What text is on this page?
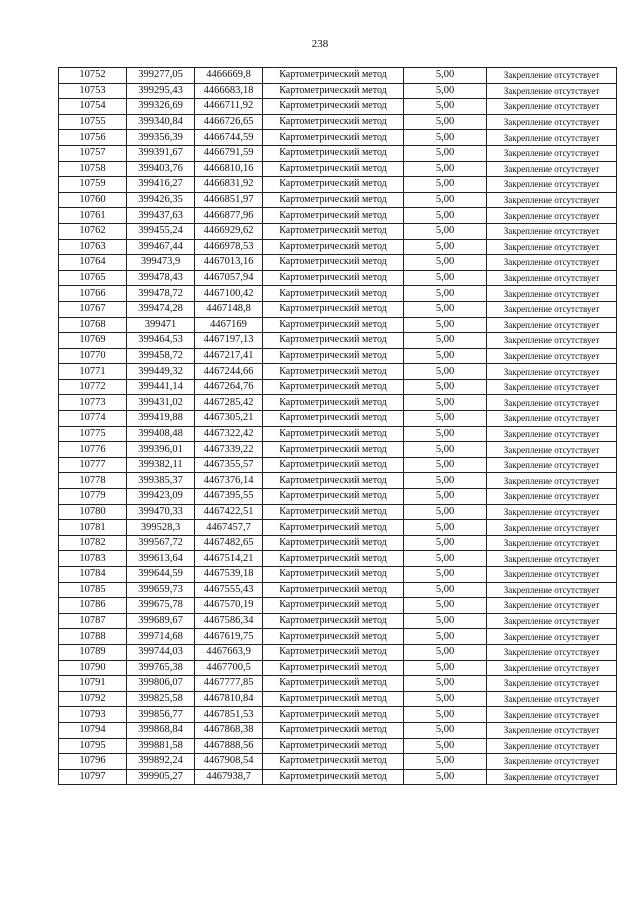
238
10752	399277,05	4466669,8	Картометрический метод	5,00	Закрепление отсутствует
10753	399295,43	4466683,18	Картометрический метод	5,00	Закрепление отсутствует
10754	399326,69	4466711,92	Картометрический метод	5,00	Закрепление отсутствует
10755	399340,84	4466726,65	Картометрический метод	5,00	Закрепление отсутствует
10756	399356,39	4466744,59	Картометрический метод	5,00	Закрепление отсутствует
10757	399391,67	4466791,59	Картометрический метод	5,00	Закрепление отсутствует
10758	399403,76	4466810,16	Картометрический метод	5,00	Закрепление отсутствует
10759	399416,27	4466831,92	Картометрический метод	5,00	Закрепление отсутствует
10760	399426,35	4466851,97	Картометрический метод	5,00	Закрепление отсутствует
10761	399437,63	4466877,96	Картометрический метод	5,00	Закрепление отсутствует
10762	399455,24	4466929,62	Картометрический метод	5,00	Закрепление отсутствует
10763	399467,44	4466978,53	Картометрический метод	5,00	Закрепление отсутствует
10764	399473,9	4467013,16	Картометрический метод	5,00	Закрепление отсутствует
10765	399478,43	4467057,94	Картометрический метод	5,00	Закрепление отсутствует
10766	399478,72	4467100,42	Картометрический метод	5,00	Закрепление отсутствует
10767	399474,28	4467148,8	Картометрический метод	5,00	Закрепление отсутствует
10768	399471	4467169	Картометрический метод	5,00	Закрепление отсутствует
10769	399464,53	4467197,13	Картометрический метод	5,00	Закрепление отсутствует
10770	399458,72	4467217,41	Картометрический метод	5,00	Закрепление отсутствует
10771	399449,32	4467244,66	Картометрический метод	5,00	Закрепление отсутствует
10772	399441,14	4467264,76	Картометрический метод	5,00	Закрепление отсутствует
10773	399431,02	4467285,42	Картометрический метод	5,00	Закрепление отсутствует
10774	399419,88	4467305,21	Картометрический метод	5,00	Закрепление отсутствует
10775	399408,48	4467322,42	Картометрический метод	5,00	Закрепление отсутствует
10776	399396,01	4467339,22	Картометрический метод	5,00	Закрепление отсутствует
10777	399382,11	4467355,57	Картометрический метод	5,00	Закрепление отсутствует
10778	399385,37	4467376,14	Картометрический метод	5,00	Закрепление отсутствует
10779	399423,09	4467395,55	Картометрический метод	5,00	Закрепление отсутствует
10780	399470,33	4467422,51	Картометрический метод	5,00	Закрепление отсутствует
10781	399528,3	4467457,7	Картометрический метод	5,00	Закрепление отсутствует
10782	399567,72	4467482,65	Картометрический метод	5,00	Закрепление отсутствует
10783	399613,64	4467514,21	Картометрический метод	5,00	Закрепление отсутствует
10784	399644,59	4467539,18	Картометрический метод	5,00	Закрепление отсутствует
10785	399659,73	4467555,43	Картометрический метод	5,00	Закрепление отсутствует
10786	399675,78	4467570,19	Картометрический метод	5,00	Закрепление отсутствует
10787	399689,67	4467586,34	Картометрический метод	5,00	Закрепление отсутствует
10788	399714,68	4467619,75	Картометрический метод	5,00	Закрепление отсутствует
10789	399744,03	4467663,9	Картометрический метод	5,00	Закрепление отсутствует
10790	399765,38	4467700,5	Картометрический метод	5,00	Закрепление отсутствует
10791	399806,07	4467777,85	Картометрический метод	5,00	Закрепление отсутствует
10792	399825,58	4467810,84	Картометрический метод	5,00	Закрепление отсутствует
10793	399856,77	4467851,53	Картометрический метод	5,00	Закрепление отсутствует
10794	399868,84	4467868,38	Картометрический метод	5,00	Закрепление отсутствует
10795	399881,58	4467888,56	Картометрический метод	5,00	Закрепление отсутствует
10796	399892,24	4467908,54	Картометрический метод	5,00	Закрепление отсутствует
10797	399905,27	4467938,7	Картометрический метод	5,00	Закрепление отсутствует
